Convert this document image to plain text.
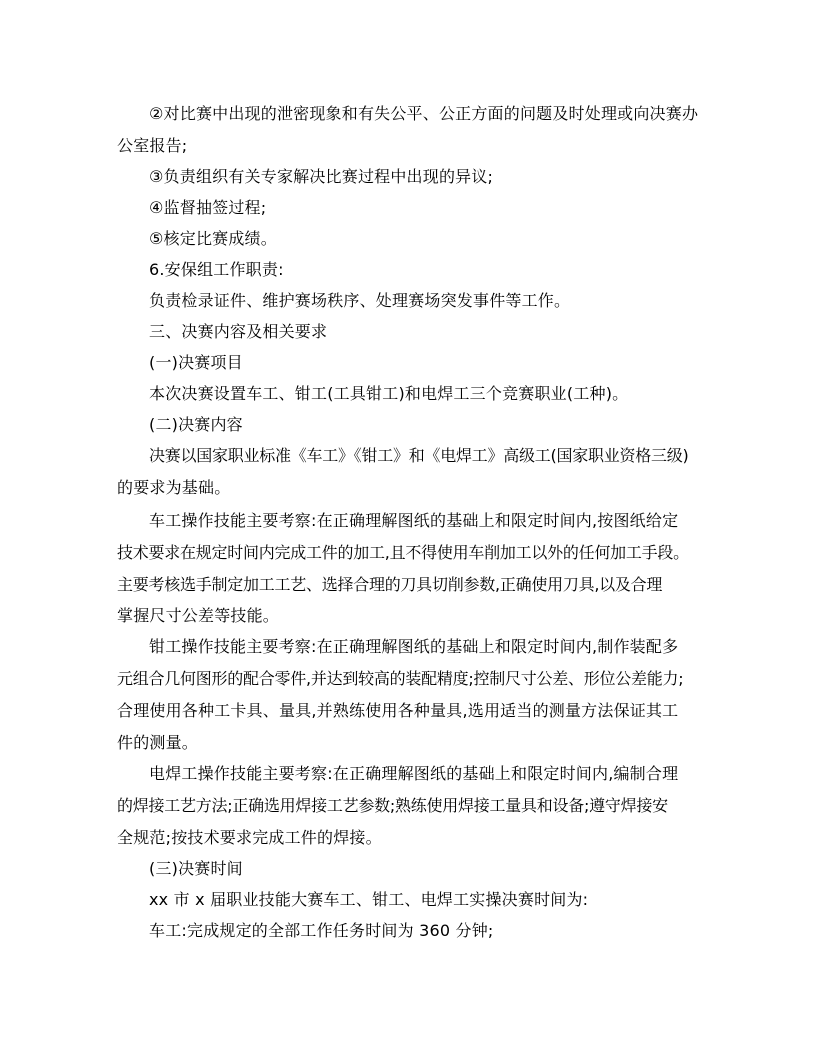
②对比赛中出现的泄密现象和有失公平、公正方面的问题及时处理或向决赛办
公室报告;
③负责组织有关专家解决比赛过程中出现的异议;
④监督抽签过程;
⑤核定比赛成绩。
6.安保组工作职责:
负责检录证件、维护赛场秩序、处理赛场突发事件等工作。
三、决赛内容及相关要求
(一)决赛项目
本次决赛设置车工、钳工(工具钳工)和电焊工三个竞赛职业(工种)。
(二)决赛内容
决赛以国家职业标准《车工》《钳工》和《电焊工》高级工(国家职业资格三级)
的要求为基础。
车工操作技能主要考察:在正确理解图纸的基础上和限定时间内,按图纸给定
技术要求在规定时间内完成工件的加工,且不得使用车削加工以外的任何加工手段。
主要考核选手制定加工工艺、选择合理的刀具切削参数,正确使用刀具,以及合理
掌握尺寸公差等技能。
钳工操作技能主要考察:在正确理解图纸的基础上和限定时间内,制作装配多
元组合几何图形的配合零件,并达到较高的装配精度;控制尺寸公差、形位公差能力;
合理使用各种工卡具、量具,并熟练使用各种量具,选用适当的测量方法保证其工
件的测量。
电焊工操作技能主要考察:在正确理解图纸的基础上和限定时间内,编制合理
的焊接工艺方法;正确选用焊接工艺参数;熟练使用焊接工量具和设备;遵守焊接安
全规范;按技术要求完成工件的焊接。
(三)决赛时间
xx 市 x 届职业技能大赛车工、钳工、电焊工实操决赛时间为:
车工:完成规定的全部工作任务时间为 360 分钟;
